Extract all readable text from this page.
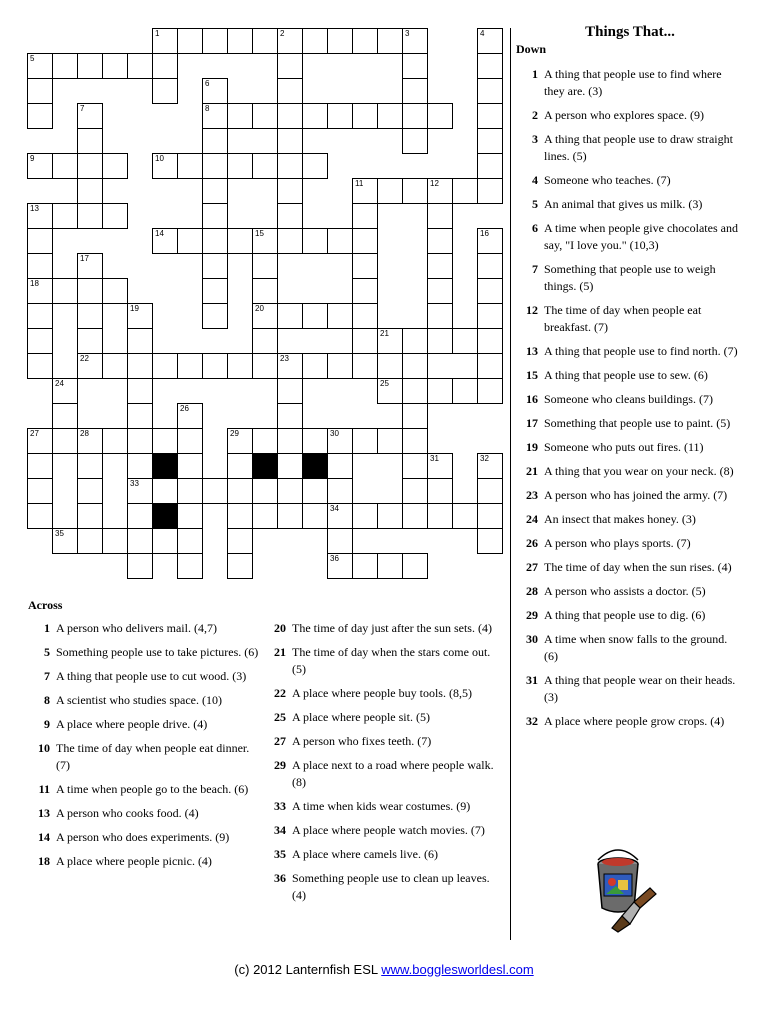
1	2	3
5
8
9	10
11	12
13
14	15
18
20
21
22	23
25
27	28	29	30
33
34
35
36
4
6
7
16
17
19
24
26
31	32
Things That...
Down
1 A thing that people use to find where they are. (3)
2 A person who explores space. (9)
3 A thing that people use to draw straight lines. (5)
4 Someone who teaches. (7)
5 An animal that gives us milk. (3)
6 A time when people give chocolates and say, "I love you." (10,3)
7 Something that people use to weigh things. (5)
12 The time of day when people eat breakfast. (7)
13 A thing that people use to find north. (7)
15 A thing that people use to sew. (6)
16 Someone who cleans buildings. (7)
17 Something that people use to paint. (5)
19 Someone who puts out fires. (11)
21 A thing that you wear on your neck. (8)
23 A person who has joined the army. (7)
24 An insect that makes honey. (3)
26 A person who plays sports. (7)
27 The time of day when the sun rises. (4)
28 A person who assists a doctor. (5)
29 A thing that people use to dig. (6)
30 A time when snow falls to the ground. (6)
31 A thing that people wear on their heads. (3)
32 A place where people grow crops. (4)
Across
1 A person who delivers mail. (4,7)
5 Something people use to take pictures. (6)
7 A thing that people use to cut wood. (3)
8 A scientist who studies space. (10)
9 A place where people drive. (4)
10 The time of day when people eat dinner. (7)
11 A time when people go to the beach. (6)
13 A person who cooks food. (4)
14 A person who does experiments. (9)
18 A place where people picnic. (4)
20 The time of day just after the sun sets. (4)
21 The time of day when the stars come out. (5)
22 A place where people buy tools. (8,5)
25 A place where people sit. (5)
27 A person who fixes teeth. (7)
29 A place next to a road where people walk. (8)
33 A time when kids wear costumes. (9)
34 A place where people watch movies. (7)
35 A place where camels live. (6)
36 Something people use to clean up leaves. (4)
(c) 2012 Lanternfish ESL www.bogglesworldesl.com
